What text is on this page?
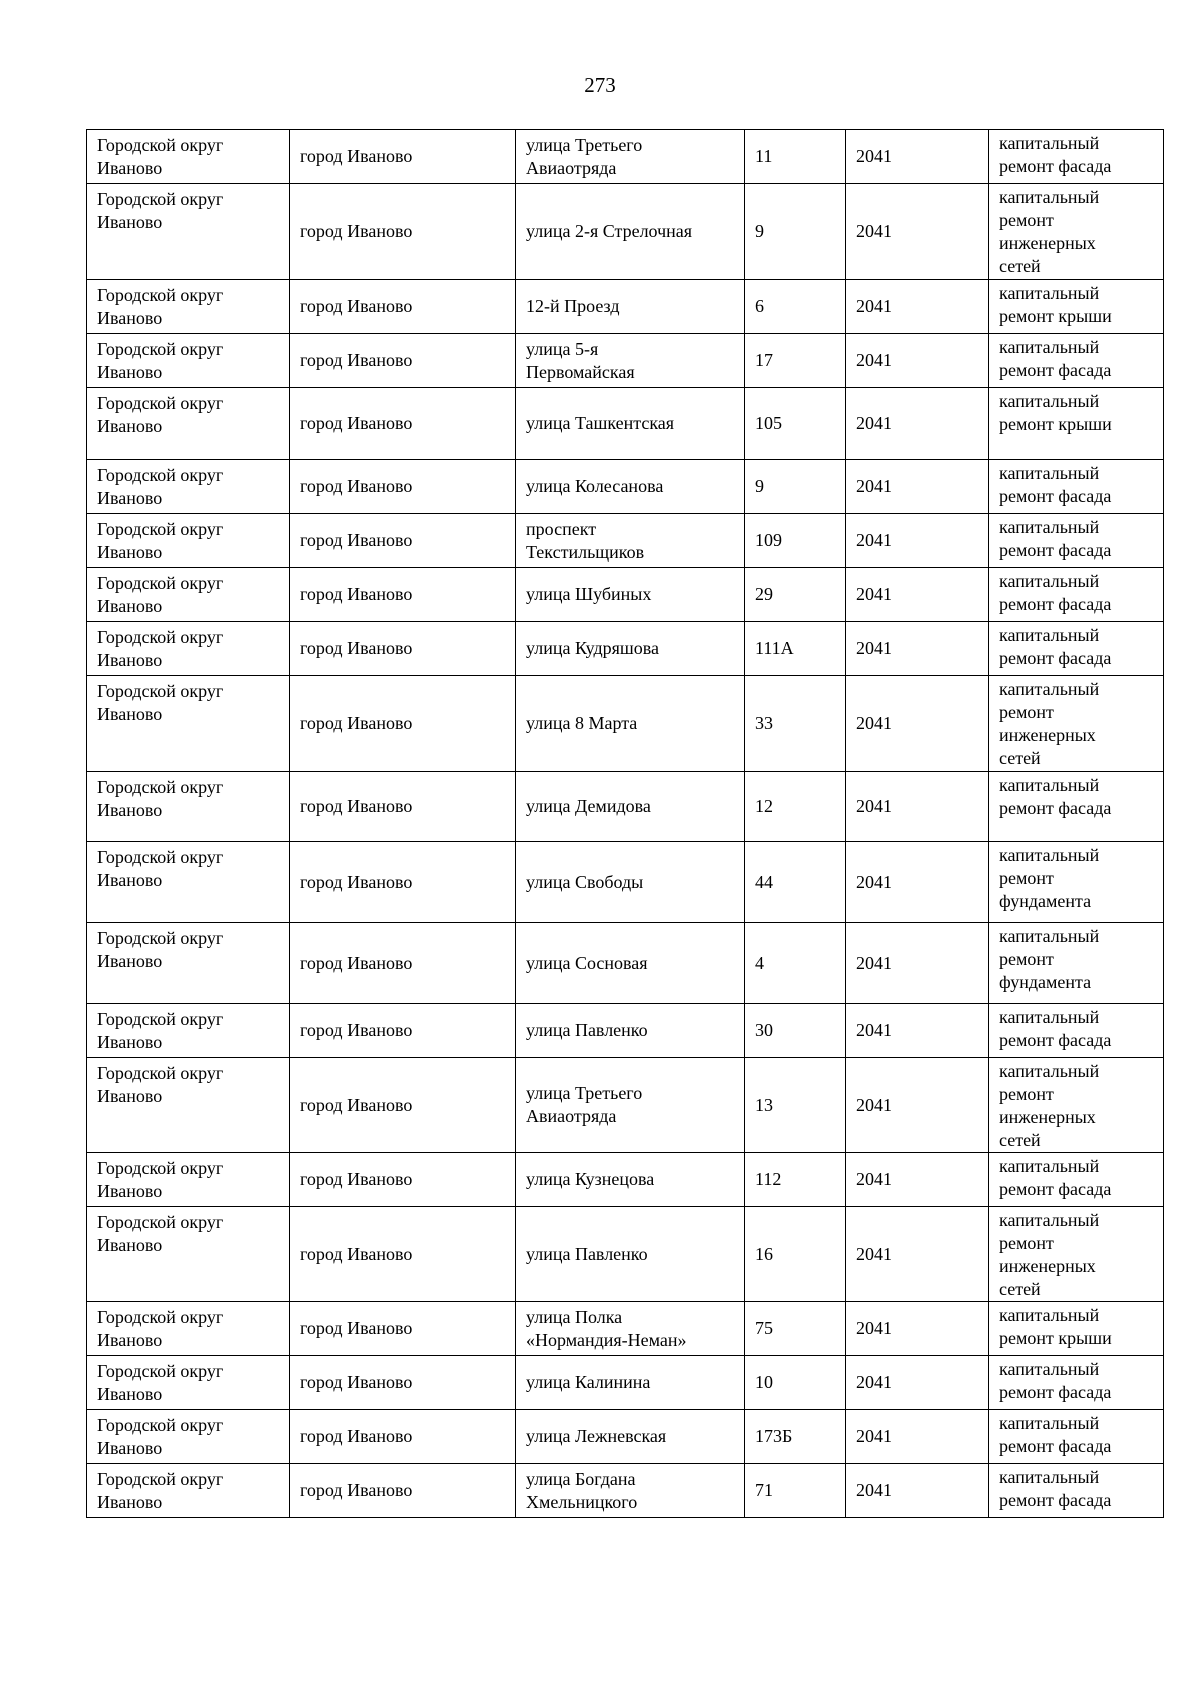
273
Городской округ
Иваново	город Иваново	улица Третьего
Авиаотряда	11	2041	капитальный
ремонт фасада

Городской округ
Иваново	город Иваново	улица 2-я Стрелочная	9	2041	капитальный
ремонт
инженерных
сетей

Городской округ
Иваново	город Иваново	12-й Проезд	6	2041	капитальный
ремонт крыши

Городской округ
Иваново	город Иваново	улица 5-я
Первомайская	17	2041	капитальный
ремонт фасада

Городской округ
Иваново	город Иваново	улица Ташкентская	105	2041	капитальный
ремонт крыши

Городской округ
Иваново	город Иваново	улица Колесанова	9	2041	капитальный
ремонт фасада

Городской округ
Иваново	город Иваново	проспект
Текстильщиков	109	2041	капитальный
ремонт фасада

Городской округ
Иваново	город Иваново	улица Шубиных	29	2041	капитальный
ремонт фасада

Городской округ
Иваново	город Иваново	улица Кудряшова	111А	2041	капитальный
ремонт фасада

Городской округ
Иваново	город Иваново	улица 8 Марта	33	2041	капитальный
ремонт
инженерных
сетей

Городской округ
Иваново	город Иваново	улица Демидова	12	2041	капитальный
ремонт фасада

Городской округ
Иваново	город Иваново	улица Свободы	44	2041	капитальный
ремонт
фундамента

Городской округ
Иваново	город Иваново	улица Сосновая	4	2041	капитальный
ремонт
фундамента

Городской округ
Иваново	город Иваново	улица Павленко	30	2041	капитальный
ремонт фасада

Городской округ
Иваново	город Иваново	улица Третьего
Авиаотряда	13	2041	капитальный
ремонт
инженерных
сетей

Городской округ
Иваново	город Иваново	улица Кузнецова	112	2041	капитальный
ремонт фасада

Городской округ
Иваново	город Иваново	улица Павленко	16	2041	капитальный
ремонт
инженерных
сетей

Городской округ
Иваново	город Иваново	улица Полка
«Нормандия-Неман»	75	2041	капитальный
ремонт крыши

Городской округ
Иваново	город Иваново	улица Калинина	10	2041	капитальный
ремонт фасада

Городской округ
Иваново	город Иваново	улица Лежневская	173Б	2041	капитальный
ремонт фасада

Городской округ
Иваново	город Иваново	улица Богдана
Хмельницкого	71	2041	капитальный
ремонт фасада
